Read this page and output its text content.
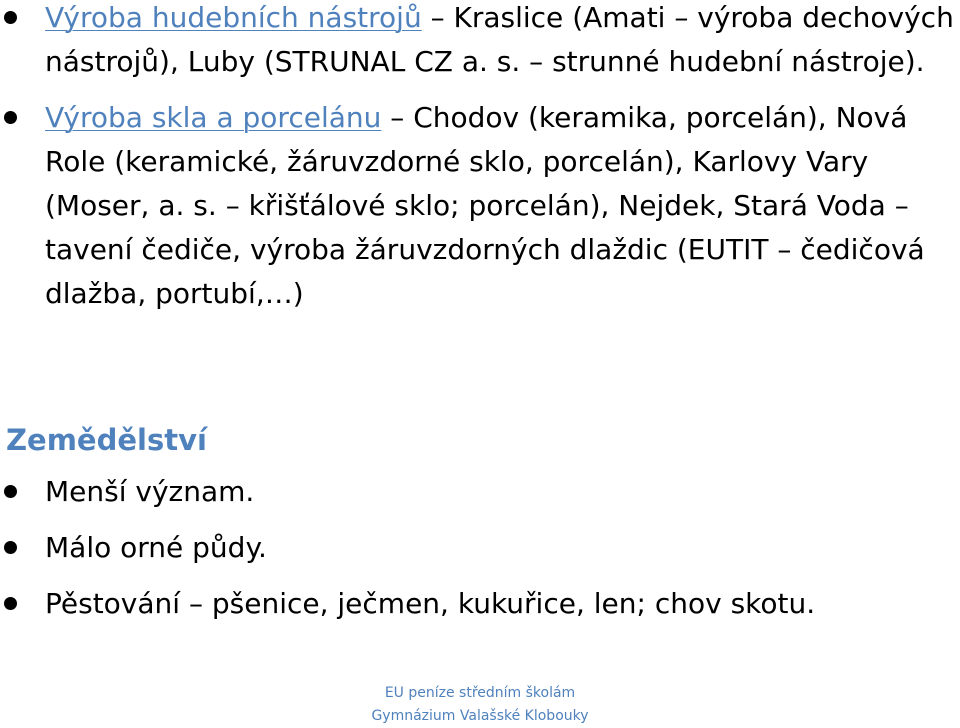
Výroba hudebních nástrojů – Kraslice (Amati – výroba dechových nástrojů), Luby (STRUNAL CZ a. s. – strunné hudební nástroje).
Výroba skla a porcelánu – Chodov (keramika, porcelán), Nová Role (keramické, žáruvzdorné sklo, porcelán), Karlovy Vary (Moser, a. s. – křišťálové sklo; porcelán), Nejdek, Stará Voda – tavení čediče, výroba žáruvzdorných dlaždic (EUTIT – čedičová dlažba, portubí,…)
Zemědělství
Menší význam.
Málo orné půdy.
Pěstování – pšenice, ječmen, kukuřice, len; chov skotu.
EU peníze středním školám
Gymnázium Valašské Klobouky
